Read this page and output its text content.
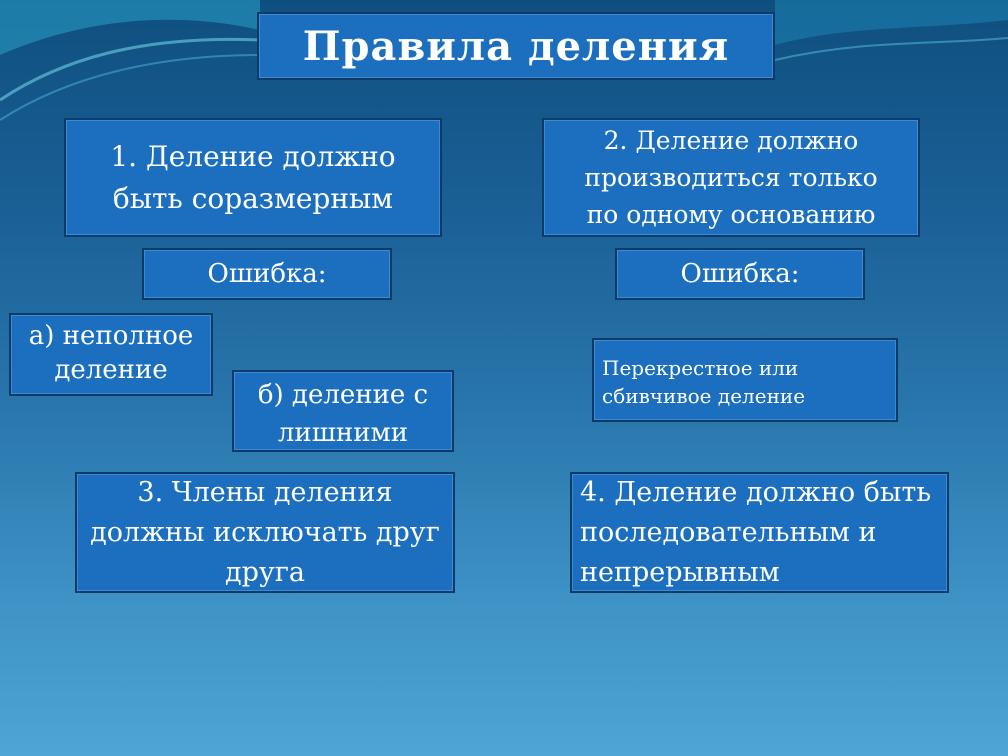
Правила деления
1. Деление должно
быть соразмерным
2. Деление должно
производиться только
по одному основанию
Ошибка:	Ошибка:
а) неполное
деление
б) деление с
лишними
Перекрестное или
сбивчивое деление
3. Члены деления
должны исключать друг
друга
4. Деление должно быть
последовательным и
непрерывным
